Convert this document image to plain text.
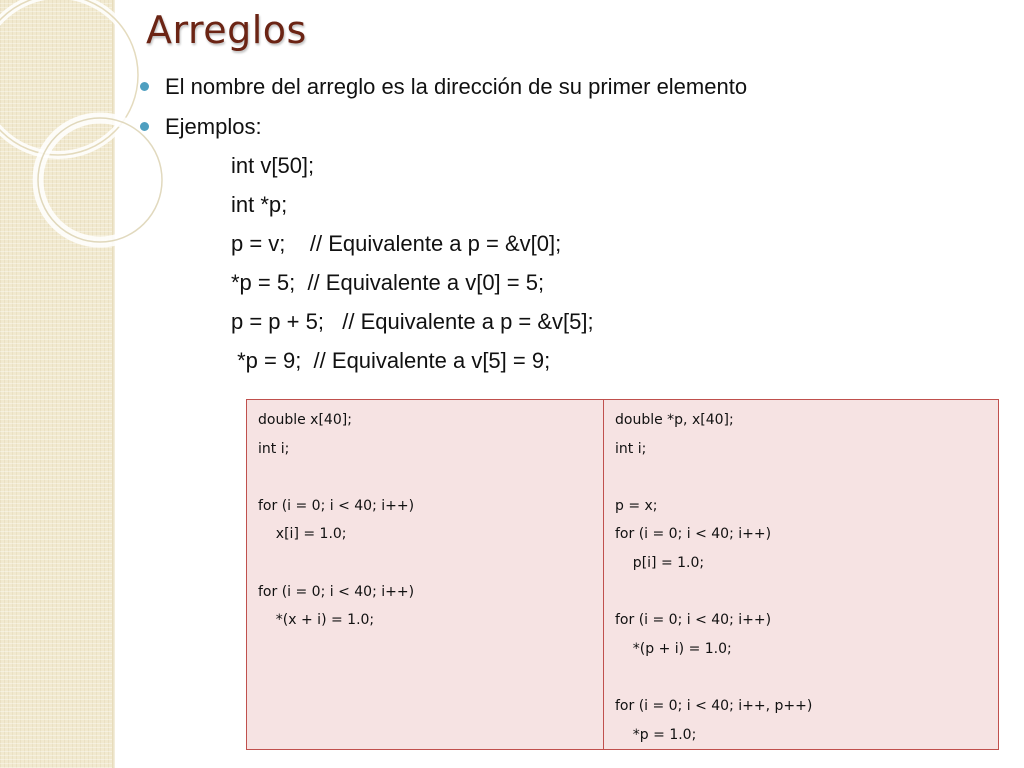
Arreglos
El nombre del arreglo es la dirección de su primer elemento
Ejemplos:
int v[50];
int *p;
p = v;    // Equivalente a p = &v[0];
*p = 5;  // Equivalente a v[0] = 5;
p = p + 5;   // Equivalente a p = &v[5];
*p = 9;  // Equivalente a v[5] = 9;
double x[40];
int i;
for (i = 0; i < 40; i++)
x[i] = 1.0;
for (i = 0; i < 40; i++)
*(x + i) = 1.0;
double *p, x[40];
int i;
p = x;
for (i = 0; i < 40; i++)
p[i] = 1.0;
for (i = 0; i < 40; i++)
*(p + i) = 1.0;
for (i = 0; i < 40; i++, p++)
*p = 1.0;
